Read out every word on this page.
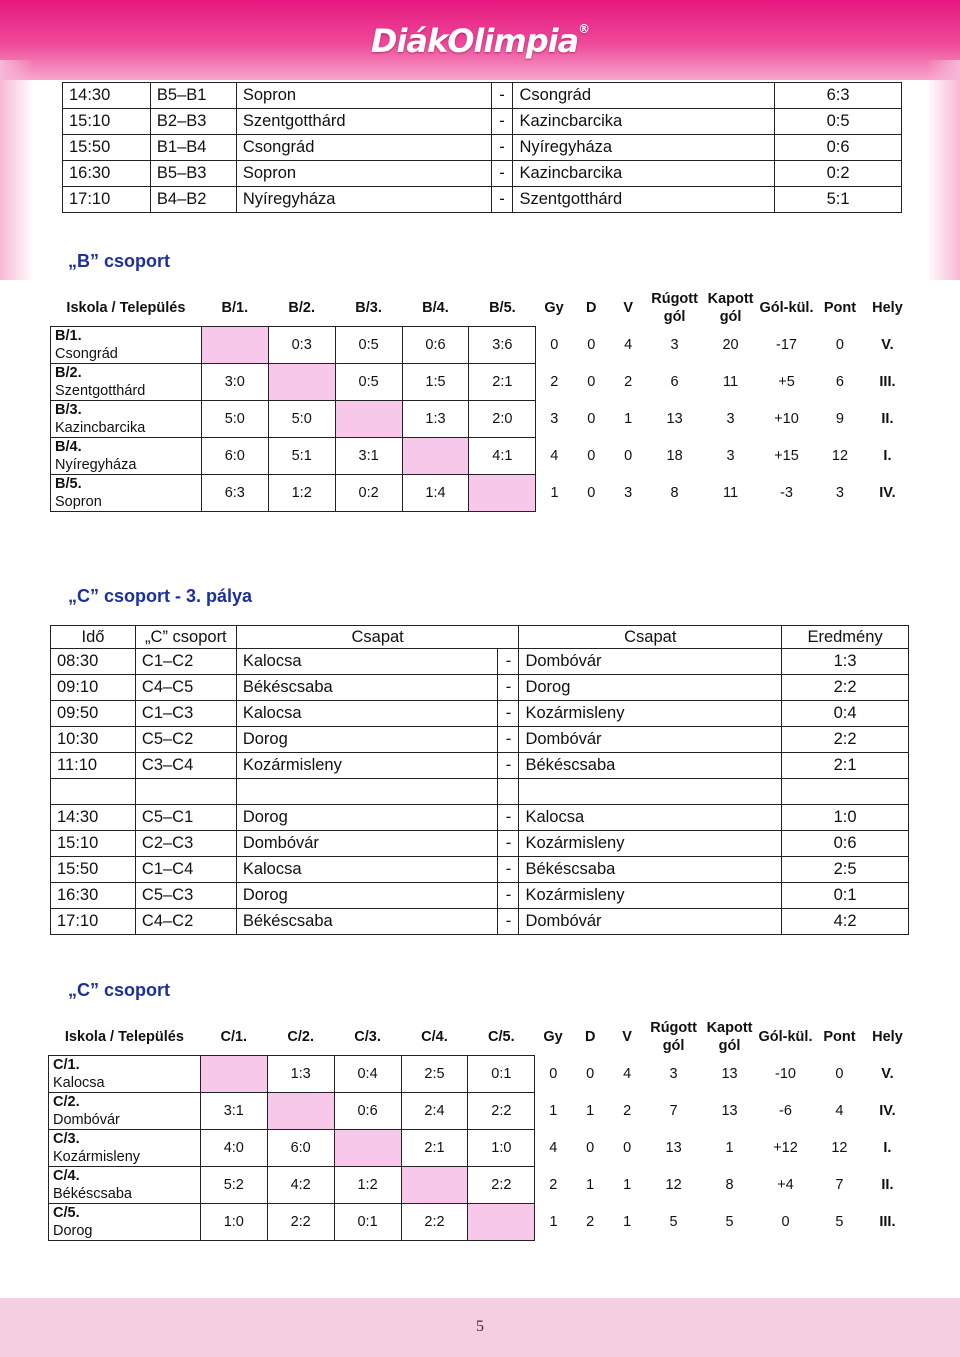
DiákOlimpia®
14:30	B5–B1	Sopron	-	Csongrád	6:3
15:10	B2–B3	Szentgotthárd	-	Kazincbarcika	0:5
15:50	B1–B4	Csongrád	-	Nyíregyháza	0:6
16:30	B5–B3	Sopron	-	Kazincbarcika	0:2
17:10	B4–B2	Nyíregyháza	-	Szentgotthárd	5:1
„B” csoport
Iskola / Település	B/1.	B/2.	B/3.	B/4.	B/5.	Gy	D	V	Rúgott gól	Kapott gól	Gól-kül.	Pont	Hely

B/1.
Csongrád		0:3	0:5	0:6	3:6	0	0	4	3	20	-17	0	V.

B/2.
Szentgotthárd	3:0		0:5	1:5	2:1	2	0	2	6	11	+5	6	III.

B/3.
Kazincbarcika	5:0	5:0		1:3	2:0	3	0	1	13	3	+10	9	II.

B/4.
Nyíregyháza	6:0	5:1	3:1		4:1	4	0	0	18	3	+15	12	I.

B/5.
Sopron	6:3	1:2	0:2	1:4		1	0	3	8	11	-3	3	IV.
„C” csoport - 3. pálya
Idő	„C” csoport	Csapat		Csapat	Eredmény
08:30	C1–C2	Kalocsa	-	Dombóvár	1:3
09:10	C4–C5	Békéscsaba	-	Dorog	2:2
09:50	C1–C3	Kalocsa	-	Kozármisleny	0:4
10:30	C5–C2	Dorog	-	Dombóvár	2:2
11:10	C3–C4	Kozármisleny	-	Békéscsaba	2:1

14:30	C5–C1	Dorog	-	Kalocsa	1:0
15:10	C2–C3	Dombóvár	-	Kozármisleny	0:6
15:50	C1–C4	Kalocsa	-	Békéscsaba	2:5
16:30	C5–C3	Dorog	-	Kozármisleny	0:1
17:10	C4–C2	Békéscsaba	-	Dombóvár	4:2
„C” csoport
Iskola / Település	C/1.	C/2.	C/3.	C/4.	C/5.	Gy	D	V	Rúgott gól	Kapott gól	Gól-kül.	Pont	Hely

C/1.
Kalocsa		1:3	0:4	2:5	0:1	0	0	4	3	13	-10	0	V.

C/2.
Dombóvár	3:1		0:6	2:4	2:2	1	1	2	7	13	-6	4	IV.

C/3.
Kozármisleny	4:0	6:0		2:1	1:0	4	0	0	13	1	+12	12	I.

C/4.
Békéscsaba	5:2	4:2	1:2		2:2	2	1	1	12	8	+4	7	II.

C/5.
Dorog	1:0	2:2	0:1	2:2		1	2	1	5	5	0	5	III.
5
